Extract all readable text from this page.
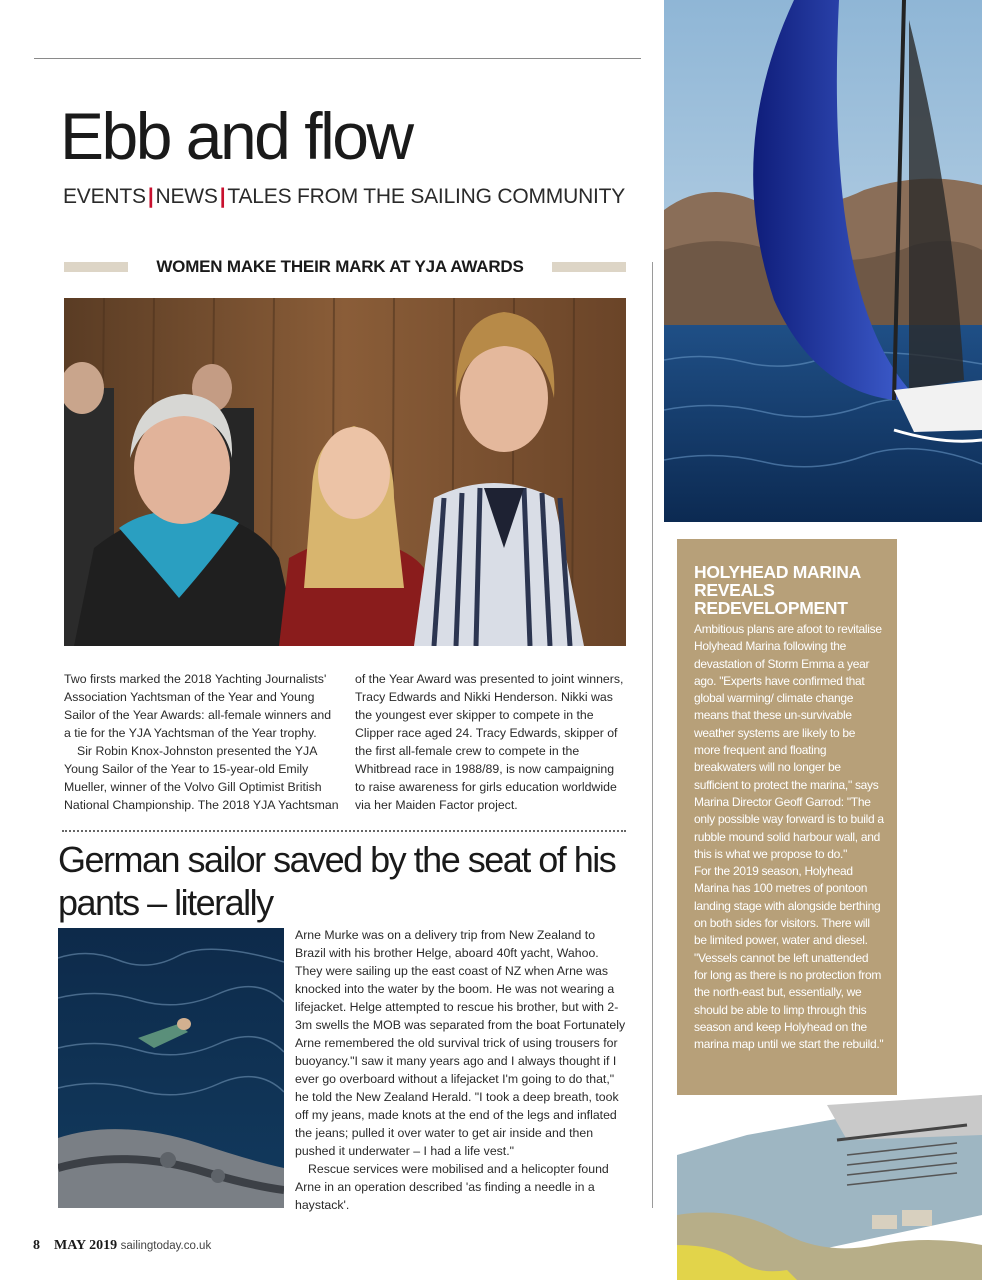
Ebb and flow
EVENTS|NEWS|TALES FROM THE SAILING COMMUNITY
WOMEN MAKE THEIR MARK AT YJA AWARDS

Two firsts marked the 2018 Yachting Journalists' Association Yachtsman of the Year and Young Sailor of the Year Awards: all-female winners and a tie for the YJA Yachtsman of the Year trophy.

Sir Robin Knox-Johnston presented the YJA Young Sailor of the Year to 15-year-old Emily Mueller, winner of the Volvo Gill Optimist British National Championship. The 2018 YJA Yachtsman

of the Year Award was presented to joint winners, Tracy Edwards and Nikki Henderson. Nikki was the youngest ever skipper to compete in the Clipper race aged 24. Tracy Edwards, skipper of the first all-female crew to compete in the Whitbread race in 1988/89, is now campaigning to raise awareness for girls education worldwide via her Maiden Factor project.

German sailor saved by the seat of his pants – literally

Arne Murke was on a delivery trip from New Zealand to Brazil with his brother Helge, aboard 40ft yacht, Wahoo. They were sailing up the east coast of NZ when Arne was knocked into the water by the boom. He was not wearing a lifejacket. Helge attempted to rescue his brother, but with 2-3m swells the MOB was separated from the boat Fortunately Arne remembered the old survival trick of using trousers for buoyancy."I saw it many years ago and I always thought if I ever go overboard without a lifejacket I'm going to do that," he told the New Zealand Herald. "I took a deep breath, took off my jeans, made knots at the end of the legs and inflated the jeans; pulled it over water to get air inside and then pushed it underwater – I had a life vest."

Rescue services were mobilised and a helicopter found Arne in an operation described 'as finding a needle in a haystack'.

HOLYHEAD MARINA REVEALS REDEVELOPMENT

Ambitious plans are afoot to revitalise Holyhead Marina following the devastation of Storm Emma a year ago. "Experts have confirmed that global warming/ climate change means that these un-survivable weather systems are likely to be more frequent and floating breakwaters will no longer be sufficient to protect the marina," says Marina Director Geoff Garrod: "The only possible way forward is to build a rubble mound solid harbour wall, and this is what we propose to do."

For the 2019 season, Holyhead Marina has 100 metres of pontoon landing stage with alongside berthing on both sides for visitors. There will be limited power, water and diesel. "Vessels cannot be left unattended for long as there is no protection from the north-east but, essentially, we should be able to limp through this season and keep Holyhead on the marina map until we start the rebuild."

8 MAY 2019 sailingtoday.co.uk
